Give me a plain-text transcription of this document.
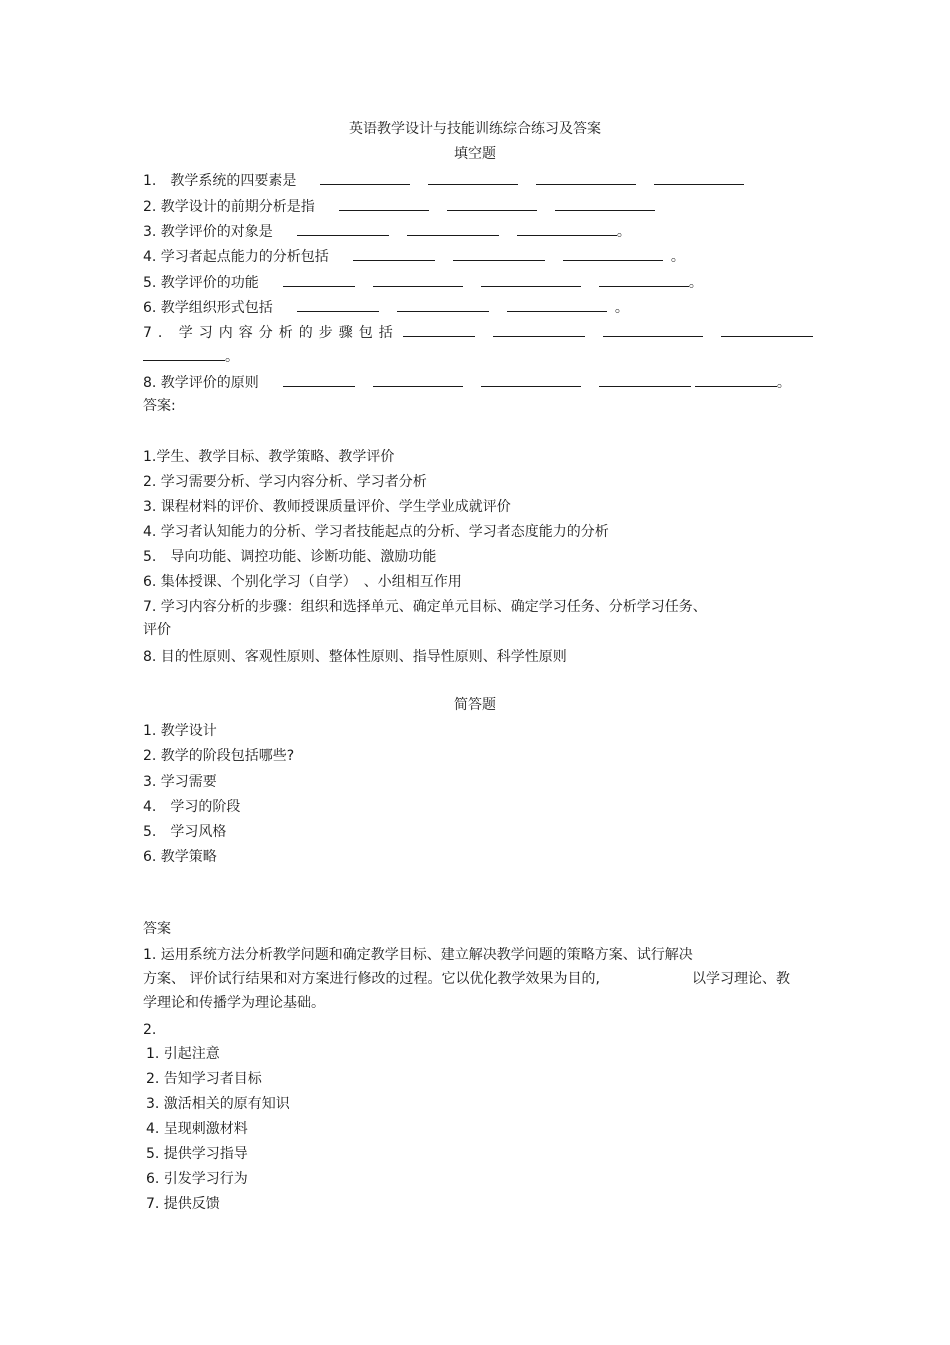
英语教学设计与技能训练综合练习及答案
填空题
1.　教学系统的四要素是
2. 教学设计的前期分析是指
3. 教学评价的对象是	。
4. 学习者起点能力的分析包括	。
5. 教学评价的功能	。
6. 教学组织形式包括	。
7. 学习内容分析的步骤包括
。
8. 教学评价的原则	。
答案:
1.学生、教学目标、教学策略、教学评价
2. 学习需要分析、学习内容分析、学习者分析
3. 课程材料的评价、教师授课质量评价、学生学业成就评价
4. 学习者认知能力的分析、学习者技能起点的分析、学习者态度能力的分析
5.　导向功能、调控功能、诊断功能、激励功能
6. 集体授课、个别化学习（自学）　、小组相互作用
7. 学习内容分析的步骤：组织和选择单元、确定单元目标、确定学习任务、分析学习任务、
评价
8. 目的性原则、客观性原则、整体性原则、指导性原则、科学性原则
简答题
1. 教学设计
2. 教学的阶段包括哪些?
3. 学习需要
4.　学习的阶段
5.　学习风格
6. 教学策略
答案
1. 运用系统方法分析教学问题和确定教学目标、建立解决教学问题的策略方案、试行解决
方案、 评价试行结果和对方案进行修改的过程。它以优化教学效果为目的,	以学习理论、教
学理论和传播学为理论基础。
2.
1. 引起注意
2. 告知学习者目标
3. 激活相关的原有知识
4. 呈现刺激材料
5. 提供学习指导
6. 引发学习行为
7. 提供反馈
